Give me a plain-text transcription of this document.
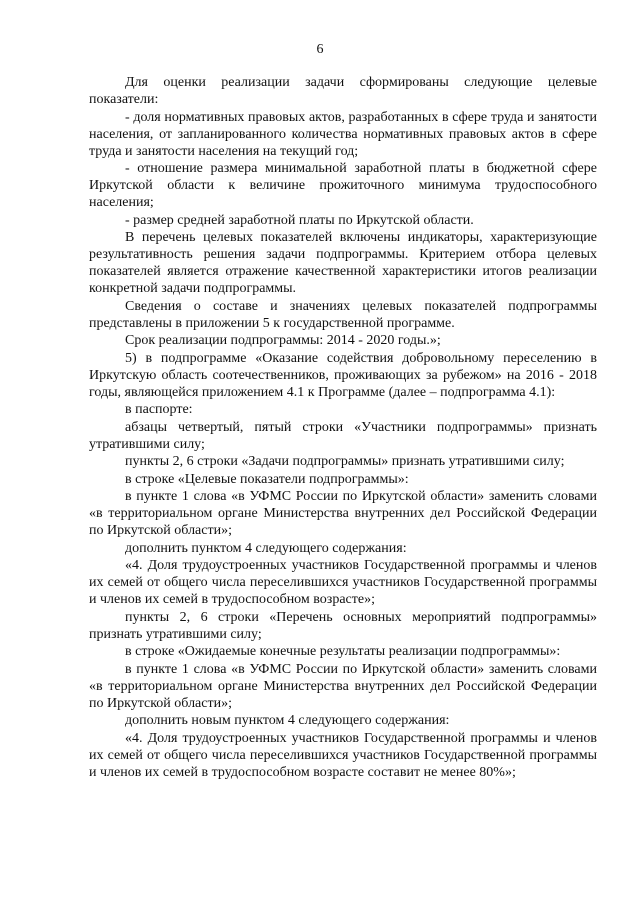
6

Для оценки реализации задачи сформированы следующие целевые показатели:

- доля нормативных правовых актов, разработанных в сфере труда и занятости населения, от запланированного количества нормативных правовых актов в сфере труда и занятости населения на текущий год;

- отношение размера минимальной заработной платы в бюджетной сфере Иркутской области к величине прожиточного минимума трудоспособного населения;

- размер средней заработной платы по Иркутской области.

В перечень целевых показателей включены индикаторы, характеризующие результативность решения задачи подпрограммы. Критерием отбора целевых показателей является отражение качественной характеристики итогов реализации конкретной задачи подпрограммы.

Сведения о составе и значениях целевых показателей подпрограммы представлены в приложении 5 к государственной программе.

Срок реализации подпрограммы: 2014 - 2020 годы.»;

5) в подпрограмме «Оказание содействия добровольному переселению в Иркутскую область соотечественников, проживающих за рубежом» на 2016 - 2018 годы, являющейся приложением 4.1 к Программе (далее – подпрограмма 4.1):

в паспорте:

абзацы четвертый, пятый строки «Участники подпрограммы» признать утратившими силу;

пункты 2, 6 строки «Задачи подпрограммы» признать утратившими силу;

в строке «Целевые показатели подпрограммы»:

в пункте 1 слова «в УФМС России по Иркутской области» заменить словами «в территориальном органе Министерства внутренних дел Российской Федерации по Иркутской области»;

дополнить пунктом 4 следующего содержания:

«4. Доля трудоустроенных участников Государственной программы и членов их семей от общего числа переселившихся участников Государственной программы и членов их семей в трудоспособном возрасте»;

пункты 2, 6 строки «Перечень основных мероприятий подпрограммы» признать утратившими силу;

в строке «Ожидаемые конечные результаты реализации подпрограммы»:

в пункте 1 слова «в УФМС России по Иркутской области» заменить словами «в территориальном органе Министерства внутренних дел Российской Федерации по Иркутской области»;

дополнить новым пунктом 4 следующего содержания:

«4. Доля трудоустроенных участников Государственной программы и членов их семей от общего числа переселившихся участников Государственной программы и членов их семей в трудоспособном возрасте составит не менее 80%»;
